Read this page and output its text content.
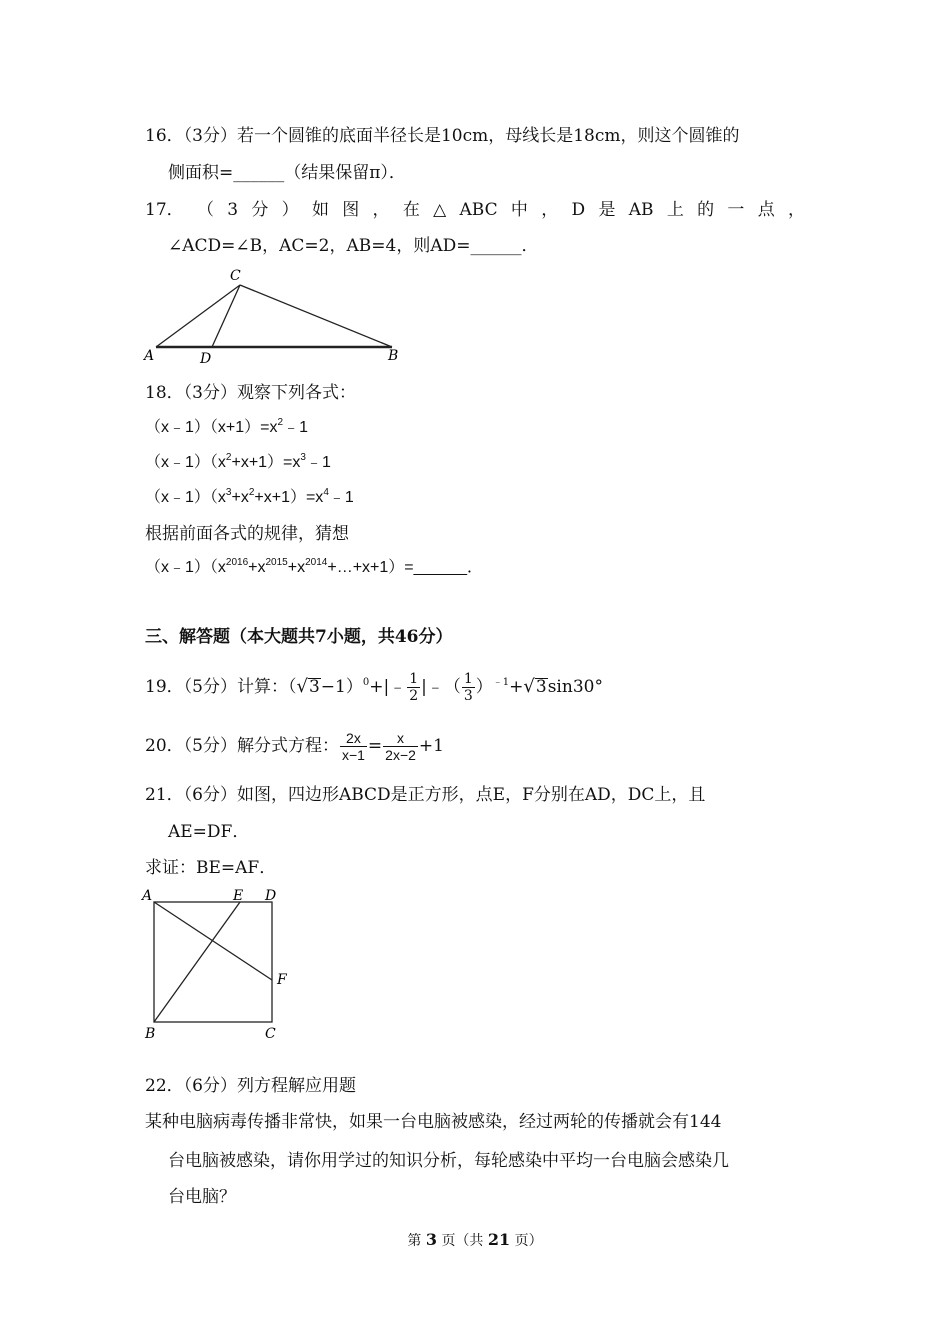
16．（3分）若一个圆锥的底面半径长是10cm，母线长是18cm，则这个圆锥的
侧面积=______（结果保留π）．
17． （ 3 分 ） 如 图 ， 在 △ ABC 中 ， D 是 AB 上 的 一 点 ，
∠ACD=∠B，AC=2，AB=4，则AD=______．
C
A	D	B
18．（3分）观察下列各式：
$(x﹣1)(x+1)=x^2﹣1$
$(x﹣1)(x^2+x+1)=x^3﹣1$
$(x﹣1)(x^3+x^2+x+1)=x^4﹣1$
根据前面各式的规律，猜想
$(x﹣1)(x^{2016}+x^{2015}+x^{2014}+\dots+x+1)=\_\_\_\_\_\_$．
三、解答题（本大题共7小题，共46分）
19．（5分）计算：$(√3-1)^0+|﹣ \frac{1}{2}$ |﹣（ $\frac{1}{3} )^{﹣1}+√3\sin 30^\circ$
20．（5分）解分式方程： $\frac{2x}{x-1} = \frac{x}{2x-2} +1$
21．（6分）如图，四边形ABCD是正方形，点E，F分别在AD，DC上，且
AE=DF．
求证：BE=AF．
A	E D
F
B	C
22．（6分）列方程解应用题
某种电脑病毒传播非常快，如果一台电脑被感染，经过两轮的传播就会有144
台电脑被感染，请你用学过的知识分析，每轮感染中平均一台电脑会感染几
台电脑？
第 3 页（共 21 页）
